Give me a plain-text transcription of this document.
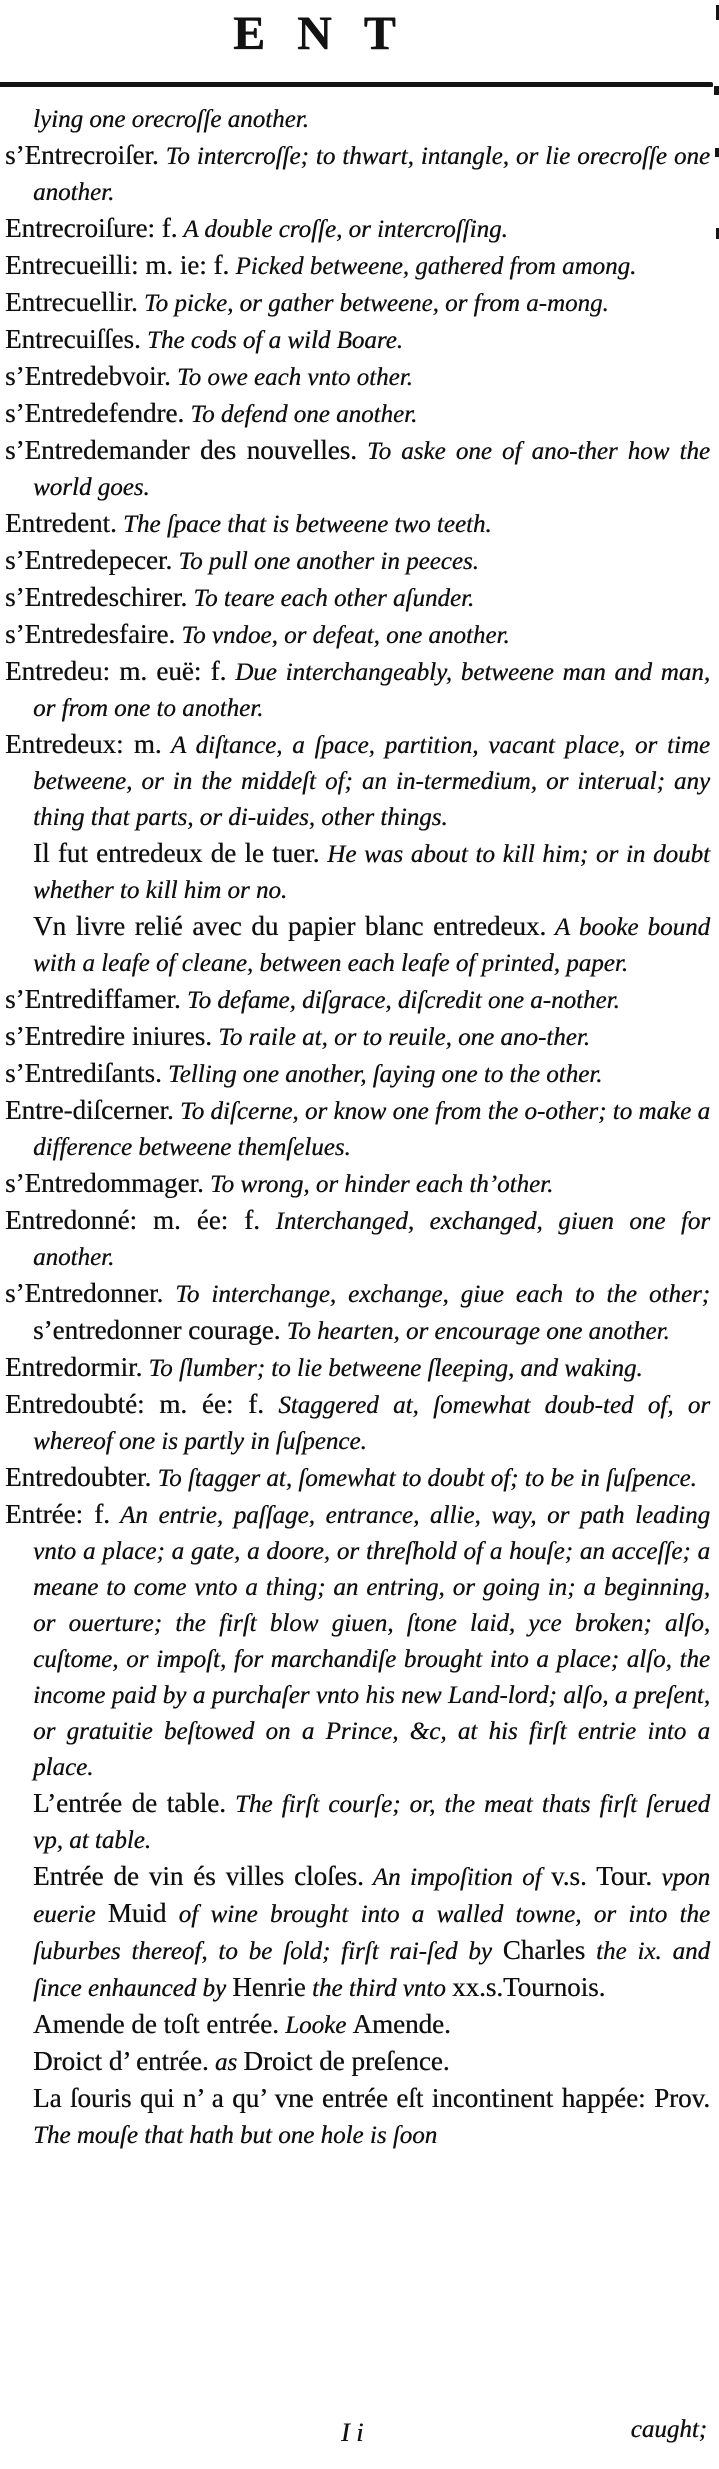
ENT

lying one orecroſſe another.

s’Entrecroiſer. To intercroſſe; to thwart, intangle, or lie orecroſſe one another.

Entrecroiſure: f. A double croſſe, or intercroſſing.

Entrecueilli: m. ie: f. Picked betweene, gathered from among.

Entrecuellir. To picke, or gather betweene, or from a-mong.

Entrecuiſſes. The cods of a wild Boare.

s’Entredebvoir. To owe each vnto other.

s’Entredefendre. To defend one another.

s’Entredemander des nouvelles. To aske one of ano-ther how the world goes.

Entredent. The ſpace that is betweene two teeth.

s’Entredepecer. To pull one another in peeces.

s’Entredeschirer. To teare each other aſunder.

s’Entredesfaire. To vndoe, or defeat, one another.

Entredeu: m. euë: f. Due interchangeably, betweene man and man, or from one to another.

Entredeux: m. A diſtance, a ſpace, partition, vacant place, or time betweene, or in the middeſt of; an in-termedium, or interual; any thing that parts, or di-uides, other things.

Il fut entredeux de le tuer. He was about to kill him; or in doubt whether to kill him or no.

Vn livre relié avec du papier blanc entredeux. A booke bound with a leafe of cleane, between each leafe of printed, paper.

s’Entrediffamer. To defame, diſgrace, diſcredit one a-nother.

s’Entredire iniures. To raile at, or to reuile, one ano-ther.

s’Entrediſants. Telling one another, ſaying one to the other.

Entre-diſcerner. To diſcerne, or know one from the o-other; to make a difference betweene themſelues.

s’Entredommager. To wrong, or hinder each th’other.

Entredonné: m. ée: f. Interchanged, exchanged, giuen one for another.

s’Entredonner. To interchange, exchange, giue each to the other; s’entredonner courage. To hearten, or encourage one another.

Entredormir. To ſlumber; to lie betweene ſleeping, and waking.

Entredoubté: m. ée: f. Staggered at, ſomewhat doub-ted of, or whereof one is partly in ſuſpence.

Entredoubter. To ſtagger at, ſomewhat to doubt of; to be in ſuſpence.

Entrée: f. An entrie, paſſage, entrance, allie, way, or path leading vnto a place; a gate, a doore, or threſhold of a houſe; an acceſſe; a meane to come vnto a thing; an entring, or going in; a beginning, or ouerture; the firſt blow giuen, ſtone laid, yce broken; alſo, cuſtome, or impoſt, for marchandiſe brought into a place; alſo, the income paid by a purchaſer vnto his new Land-lord; alſo, a preſent, or gratuitie beſtowed on a Prince, &c, at his firſt entrie into a place.

L’entrée de table. The firſt courſe; or, the meat thats firſt ſerued vp, at table.

Entrée de vin és villes cloſes. An impoſition of v.s. Tour. vpon euerie Muid of wine brought into a walled towne, or into the ſuburbes thereof, to be ſold; firſt rai-ſed by Charles the ix. and ſince enhaunced by Henrie the third vnto xx.s.Tournois.

Amende de toſt entrée. Looke Amende.

Droict d’ entrée. as Droict de preſence.

La ſouris qui n’ a qu’ vne entrée eſt incontinent happée: Prov. The mouſe that hath but one hole is ſoon

I i	caught;
